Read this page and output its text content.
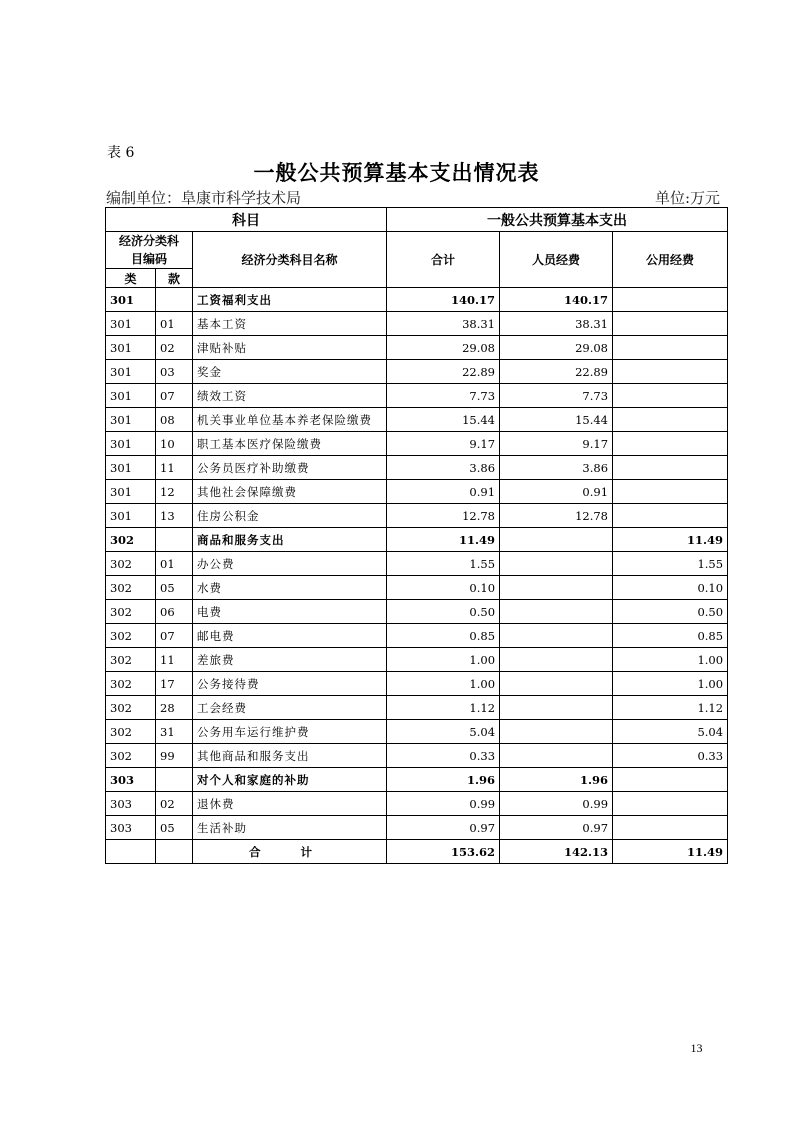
表 6
一般公共预算基本支出情况表
编制单位：阜康市科学技术局	单位:万元
科目			一般公共预算基本支出		
经济分类科
目编码		经济分类科目名称	合计	人员经费	公用经费
类	款				
301		工资福利支出	140.17	140.17	
301	01	基本工资	38.31	38.31	
301	02	津贴补贴	29.08	29.08	
301	03	奖金	22.89	22.89	
301	07	绩效工资	7.73	7.73	
301	08	机关事业单位基本养老保险缴费	15.44	15.44	
301	10	职工基本医疗保险缴费	9.17	9.17	
301	11	公务员医疗补助缴费	3.86	3.86	
301	12	其他社会保障缴费	0.91	0.91	
301	13	住房公积金	12.78	12.78	
302		商品和服务支出	11.49		11.49
302	01	办公费	1.55		1.55
302	05	水费	0.10		0.10
302	06	电费	0.50		0.50
302	07	邮电费	0.85		0.85
302	11	差旅费	1.00		1.00
302	17	公务接待费	1.00		1.00
302	28	工会经费	1.12		1.12
302	31	公务用车运行维护费	5.04		5.04
302	99	其他商品和服务支出	0.33		0.33
303		对个人和家庭的补助	1.96	1.96	
303	02	退休费	0.99	0.99	
303	05	生活补助	0.97	0.97	
		合 计	153.62	142.13	11.49
13
